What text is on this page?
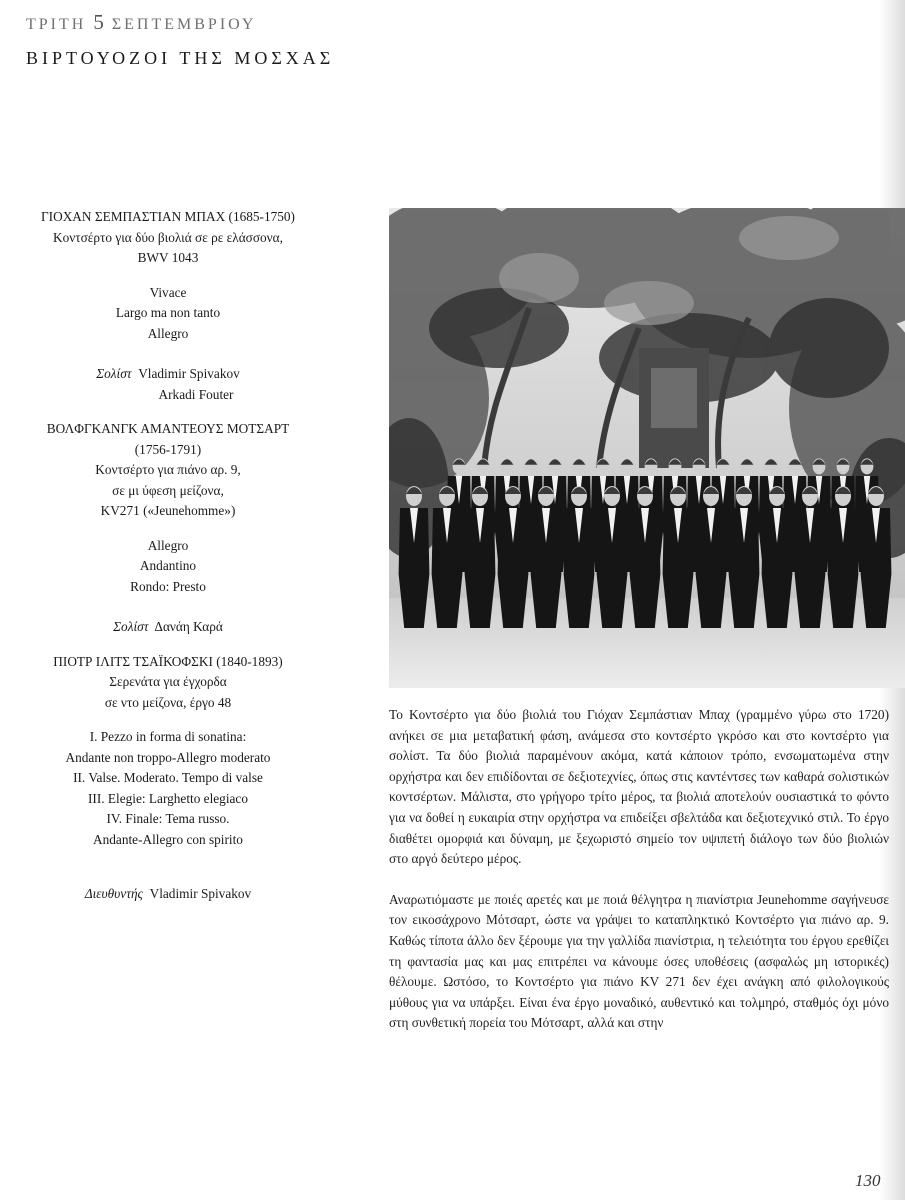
ΤΡΙΤΗ 5 ΣΕΠΤΕΜΒΡΙΟΥ
ΒΙΡΤΟΥΟΖΟΙ ΤΗΣ ΜΟΣΧΑΣ
ΓΙΟΧΑΝ ΣΕΜΠΑΣΤΙΑΝ ΜΠΑΧ (1685-1750)
Κοντσέρτο για δύο βιολιά σε ρε ελάσσονα,
BWV 1043
Vivace
Largo ma non tanto
Allegro
Σολίστ Vladimir Spivakov
Arkadi Fouter
ΒΟΛΦΓΚΑΝΓΚ ΑΜΑΝΤΕΟΥΣ ΜΟΤΣΑΡΤ
(1756-1791)
Κοντσέρτο για πιάνο αρ. 9,
σε μι ύφεση μείζονα,
KV271 («Jeunehomme»)
Allegro
Andantino
Rondo: Presto
Σολίστ Δανάη Καρά
ΠΙΟΤΡ ΙΛΙΤΣ ΤΣΑΪΚΟΦΣΚΙ (1840-1893)
Σερενάτα για έγχορδα
σε ντο μείζονα, έργο 48
I. Pezzo in forma di sonatina:
Andante non troppo-Allegro moderato
II. Valse. Moderato. Tempo di valse
III. Elegie: Larghetto elegiaco
IV. Finale: Tema russo.
Andante-Allegro con spirito
Διευθυντής Vladimir Spivakov

Το Κοντσέρτο για δύο βιολιά του Γιόχαν Σεμπάστιαν Μπαχ (γραμμένο γύρω στο 1720) ανήκει σε μια μεταβατική φάση, ανάμεσα στο κοντσέρτο γκρόσο και στο κοντσέρτο για σολίστ. Τα δύο βιολιά παραμένουν ακόμα, κατά κάποιον τρόπο, ενσωματωμένα στην ορχήστρα και δεν επιδίδονται σε δεξιοτεχνίες, όπως στις καντέντσες των καθαρά σολιστικών κοντσέρτων. Μάλιστα, στο γρήγορο τρίτο μέρος, τα βιολιά αποτελούν ουσιαστικά το φόντο για να δοθεί η ευκαιρία στην ορχήστρα να επιδείξει σβελτάδα και δεξιοτεχνικό στιλ. Το έργο διαθέτει ομορφιά και δύναμη, με ξεχωριστό σημείο τον υψιπετή διάλογο των δύο βιολιών στο αργό δεύτερο μέρος.

Αναρωτιόμαστε με ποιές αρετές και με ποιά θέλγητρα η πιανίστρια Jeunehomme σαγήνευσε τον εικοσάχρονο Μότσαρτ, ώστε να γράψει το καταπληκτικό Κοντσέρτο για πιάνο αρ. 9. Καθώς τίποτα άλλο δεν ξέρουμε για την γαλλίδα πιανίστρια, η τελειότητα του έργου ερεθίζει τη φαντασία μας και μας επιτρέπει να κάνουμε όσες υποθέσεις (ασφαλώς μη ιστορικές) θέλουμε. Ωστόσο, το Κοντσέρτο για πιάνο KV 271 δεν έχει ανάγκη από φιλολογικούς μύθους για να υπάρξει. Είναι ένα έργο μοναδικό, αυθεντικό και τολμηρό, σταθμός όχι μόνο στη συνθετική πορεία του Μότσαρτ, αλλά και στην

130
